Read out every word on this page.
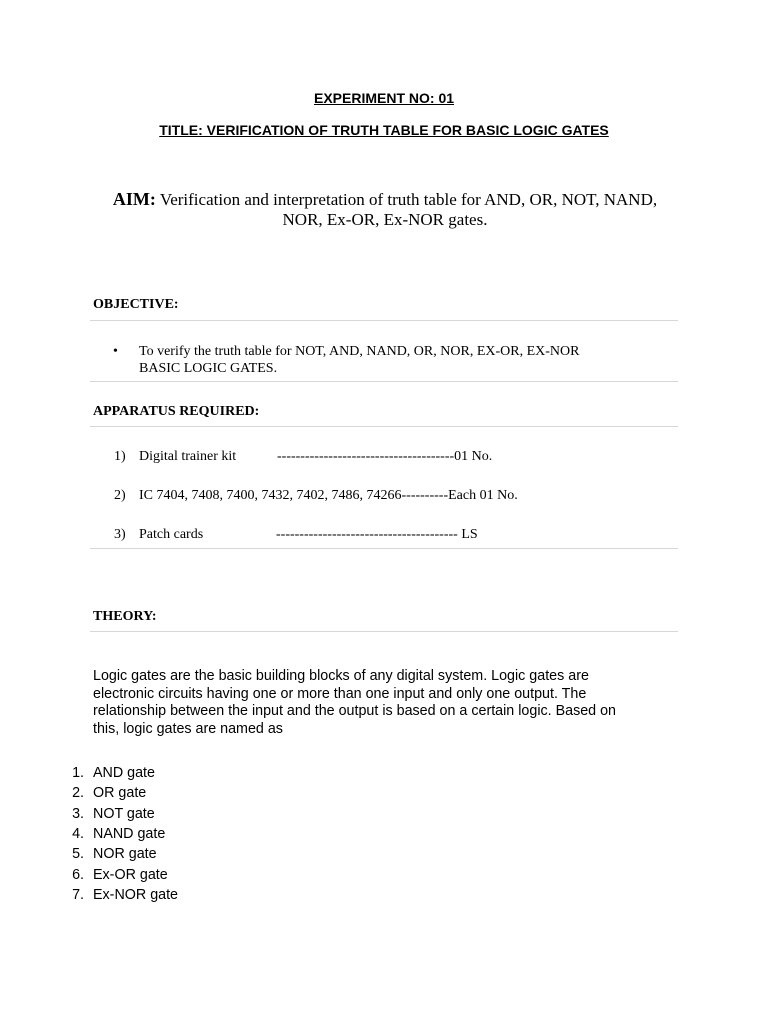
EXPERIMENT NO: 01
TITLE: VERIFICATION OF TRUTH TABLE FOR BASIC LOGIC GATES
AIM: Verification and interpretation of truth table for AND, OR, NOT, NAND,
NOR, Ex-OR, Ex-NOR gates.
OBJECTIVE:
• To verify the truth table for NOT, AND, NAND, OR, NOR, EX-OR, EX-NOR
BASIC LOGIC GATES.
APPARATUS REQUIRED:
1) Digital trainer kit	--------------------------------------01 No.
2) IC 7404, 7408, 7400, 7432, 7402, 7486, 74266----------Each 01 No.
3) Patch cards	--------------------------------------- LS
THEORY:
Logic gates are the basic building blocks of any digital system. Logic gates are
electronic circuits having one or more than one input and only one output. The
relationship between the input and the output is based on a certain logic. Based on
this, logic gates are named as
1. AND gate
2. OR gate
3. NOT gate
4. NAND gate
5. NOR gate
6. Ex-OR gate
7. Ex-NOR gate
